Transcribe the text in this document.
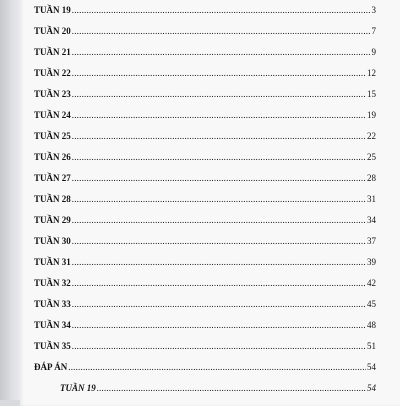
TUẦN 19 .....	3
TUẦN 20 .....	7
TUẦN 21 .....	9
TUẦN 22 .....	12
TUẦN 23 .....	15
TUẦN 24 .....	19
TUẦN 25 .....	22
TUẦN 26 .....	25
TUẦN 27 .....	28
TUẦN 28 .....	31
TUẦN 29 .....	34
TUẦN 30 .....	37
TUẦN 31 .....	39
TUẦN 32 .....	42
TUẦN 33 .....	45
TUẦN 34 .....	48
TUẦN 35 .....	51
ĐÁP ÁN .....	54
TUẦN 19 .....	54
